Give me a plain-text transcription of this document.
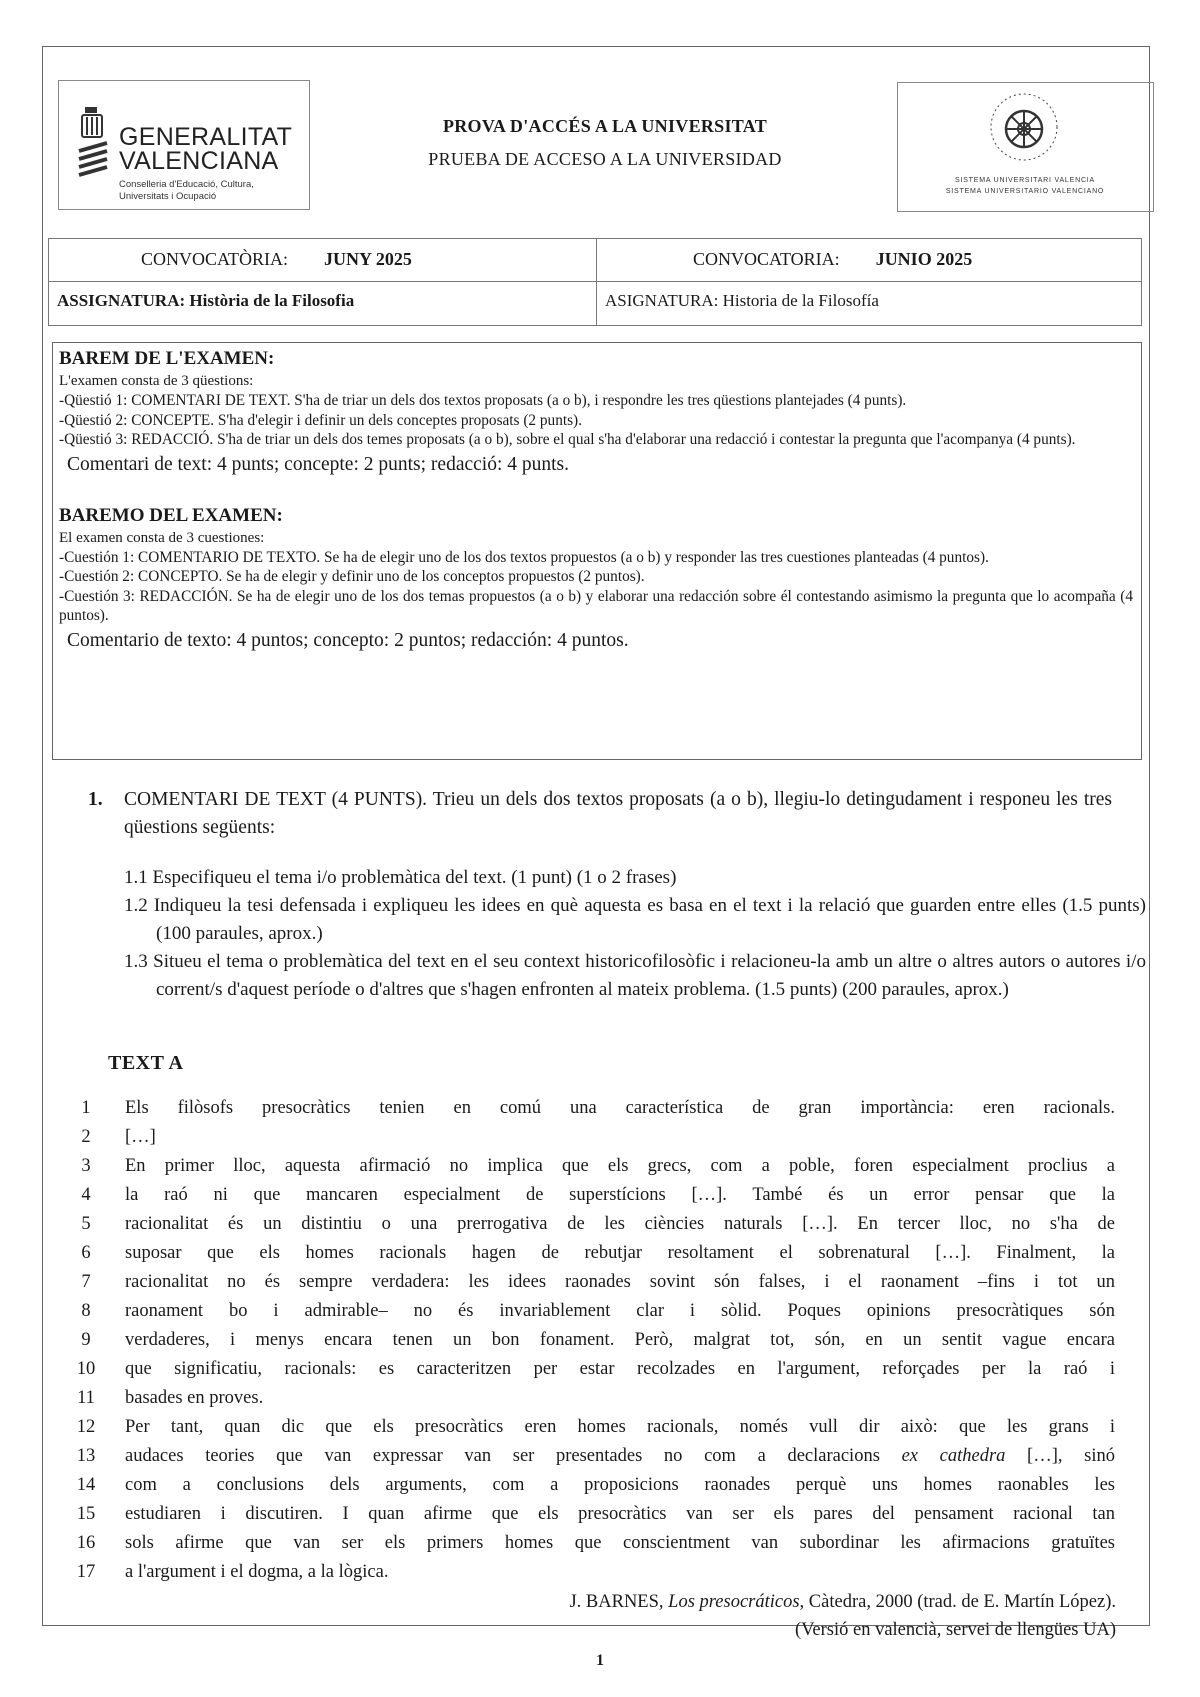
GENERALITAT
VALENCIANA
Conselleria d'Educació, Cultura,
Universitats i Ocupació
PROVA D'ACCÉS A LA UNIVERSITAT
PRUEBA DE ACCESO A LA UNIVERSIDAD
SISTEMA UNIVERSITARI VALENCIÀ
SISTEMA UNIVERSITARIO VALENCIANO
CONVOCATÒRIA: JUNY 2025	CONVOCATORIA: JUNIO 2025
ASSIGNATURA: Història de la Filosofia	ASIGNATURA: Historia de la Filosofía
BAREM DE L'EXAMEN:
L'examen consta de 3 qüestions:
-Qüestió 1: COMENTARI DE TEXT. S'ha de triar un dels dos textos proposats (a o b), i respondre les tres qüestions plantejades (4 punts).
-Qüestió 2: CONCEPTE. S'ha d'elegir i definir un dels conceptes proposats (2 punts).
-Qüestió 3: REDACCIÓ. S'ha de triar un dels dos temes proposats (a o b), sobre el qual s'ha d'elaborar una redacció i contestar la pregunta que l'acompanya (4 punts).
Comentari de text: 4 punts; concepte: 2 punts; redacció: 4 punts.
BAREMO DEL EXAMEN:
El examen consta de 3 cuestiones:
-Cuestión 1: COMENTARIO DE TEXTO. Se ha de elegir uno de los dos textos propuestos (a o b) y responder las tres cuestiones planteadas (4 puntos).
-Cuestión 2: CONCEPTO. Se ha de elegir y definir uno de los conceptos propuestos (2 puntos).
-Cuestión 3: REDACCIÓN. Se ha de elegir uno de los dos temas propuestos (a o b) y elaborar una redacción sobre él contestando asimismo la pregunta que lo acompaña (4 puntos).
Comentario de texto: 4 puntos; concepto: 2 puntos; redacción: 4 puntos.
1. COMENTARI DE TEXT (4 PUNTS). Trieu un dels dos textos proposats (a o b), llegiu-lo detingudament i responeu les tres qüestions següents:
1.1 Especifiqueu el tema i/o problemàtica del text. (1 punt) (1 o 2 frases)
1.2 Indiqueu la tesi defensada i expliqueu les idees en què aquesta es basa en el text i la relació que guarden entre elles (1.5 punts) (100 paraules, aprox.)
1.3 Situeu el tema o problemàtica del text en el seu context historicofilosòfic i relacioneu-la amb un altre o altres autors o autores i/o corrent/s d'aquest període o d'altres que s'hagen enfronten al mateix problema. (1.5 punts) (200 paraules, aprox.)
TEXT A
1	Els filòsofs presocràtics tenien en comú una característica de gran importància: eren racionals.
2	[…]
3	En primer lloc, aquesta afirmació no implica que els grecs, com a poble, foren especialment proclius a
4	la raó ni que mancaren especialment de superstícions […]. També és un error pensar que la
5	racionalitat és un distintiu o una prerrogativa de les ciències naturals […]. En tercer lloc, no s'ha de
6	suposar que els homes racionals hagen de rebutjar resoltament el sobrenatural […]. Finalment, la
7	racionalitat no és sempre verdadera: les idees raonades sovint són falses, i el raonament –fins i tot un
8	raonament bo i admirable– no és invariablement clar i sòlid. Poques opinions presocràtiques són
9	verdaderes, i menys encara tenen un bon fonament. Però, malgrat tot, són, en un sentit vague encara
10	que significatiu, racionals: es caracteritzen per estar recolzades en l'argument, reforçades per la raó i
11	basades en proves.
12	Per tant, quan dic que els presocràtics eren homes racionals, només vull dir això: que les grans i
13	audaces teories que van expressar van ser presentades no com a declaracions ex cathedra […], sinó
14	com a conclusions dels arguments, com a proposicions raonades perquè uns homes raonables les
15	estudiaren i discutiren. I quan afirme que els presocràtics van ser els pares del pensament racional tan
16	sols afirme que van ser els primers homes que conscientment van subordinar les afirmacions gratuïtes
17	a l'argument i el dogma, a la lògica.
J. BARNES, Los presocráticos, Càtedra, 2000 (trad. de E. Martín López).
(Versió en valencià, servei de llengües UA)
1
